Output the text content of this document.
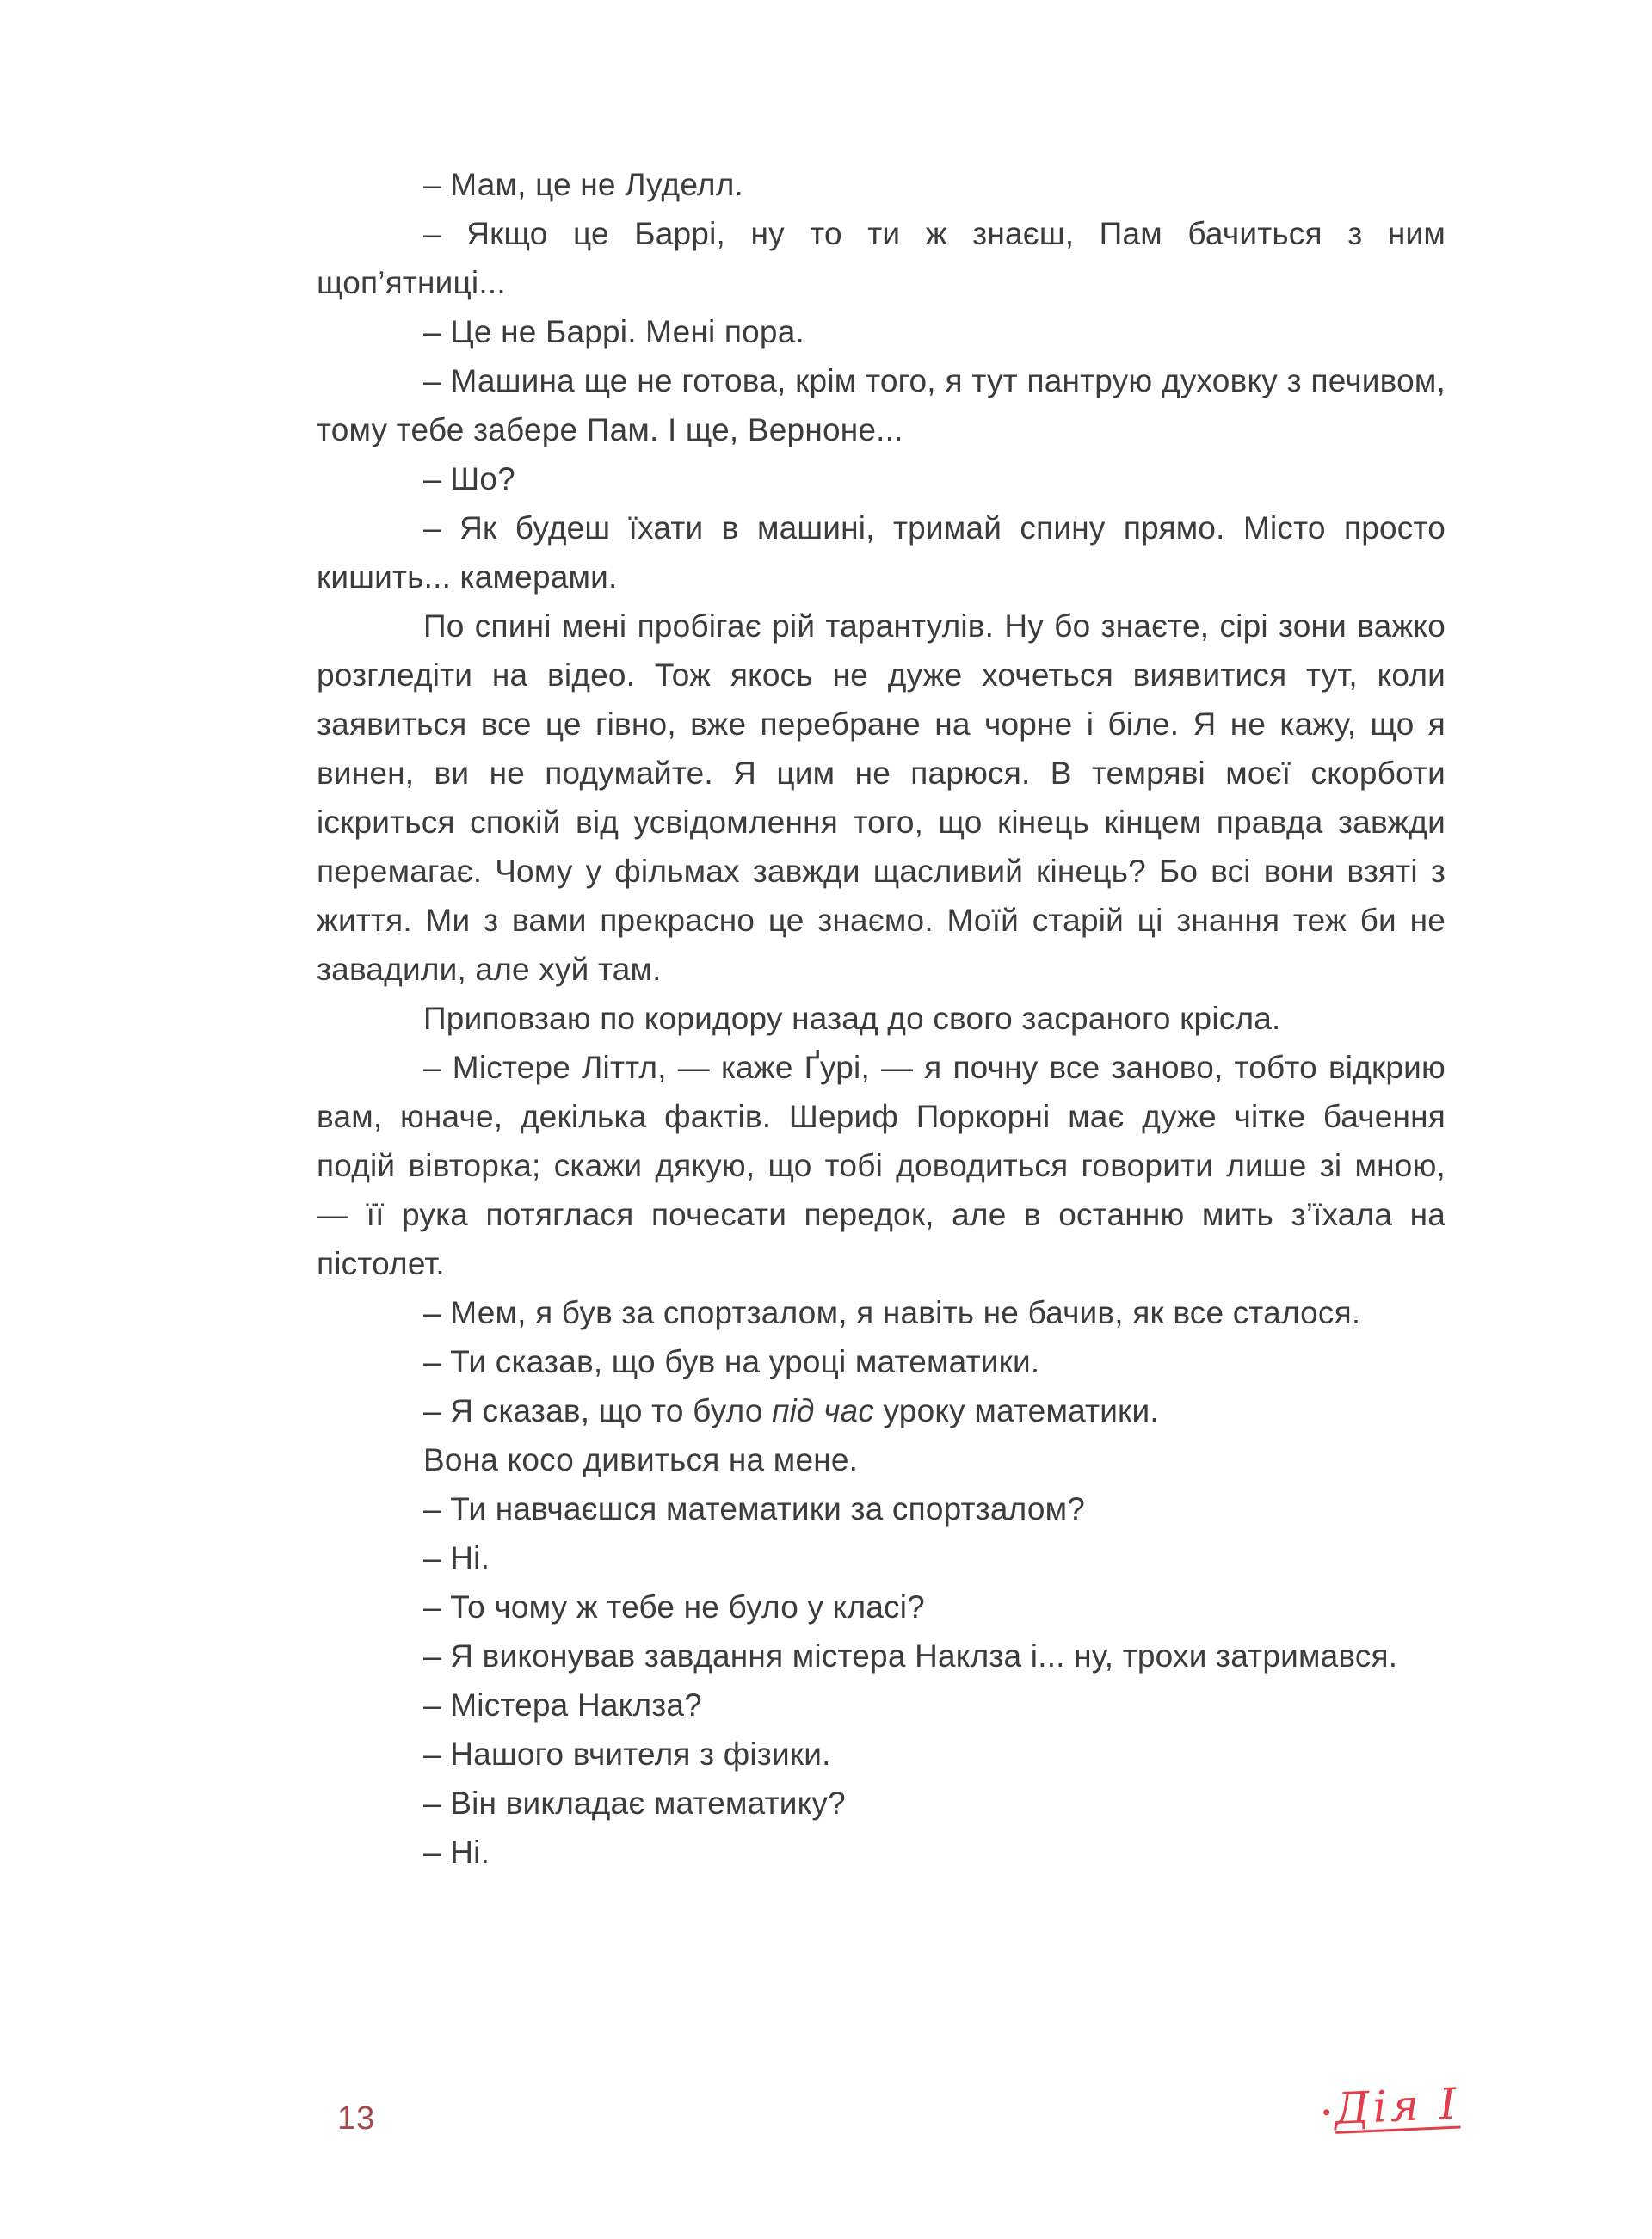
– Мам, це не Луделл.

– Якщо це Баррі, ну то ти ж знаєш, Пам бачиться з ним щоп’ятниці...

– Це не Баррі. Мені пора.

– Машина ще не готова, крім того, я тут пантрую духовку з печивом, тому тебе забере Пам. І ще, Верноне...

– Шо?

– Як будеш їхати в машині, тримай спину прямо. Місто просто кишить... камерами.

По спині мені пробігає рій тарантулів. Ну бо знаєте, сірі зони важко розгледіти на відео. Тож якось не дуже хочеться виявитися тут, коли заявиться все це гівно, вже перебране на чорне і біле. Я не кажу, що я винен, ви не подумайте. Я цим не парюся. В темряві моєї скорботи іскриться спокій від усвідомлення того, що кінець кінцем правда завжди перемагає. Чому у фільмах завжди щасливий кінець? Бо всі вони взяті з життя. Ми з вами прекрасно це знаємо. Моїй старій ці знання теж би не завадили, але хуй там.

Приповзаю по коридору назад до свого засраного крісла.

– Містере Літтл, — каже Ґурі, — я почну все заново, тобто відкрию вам, юначе, декілька фактів. Шериф Поркорні має дуже чітке бачення подій вівторка; скажи дякую, що тобі доводиться говорити лише зі мною, — її рука потяглася почесати передок, але в останню мить з’їхала на пістолет.

– Мем, я був за спортзалом, я навіть не бачив, як все сталося.

– Ти сказав, що був на уроці математики.

– Я сказав, що то було під час уроку математики.

Вона косо дивиться на мене.

– Ти навчаєшся математики за спортзалом?

– Ні.

– То чому ж тебе не було у класі?

– Я виконував завдання містера Наклза і... ну, трохи затримався.

– Містера Наклза?

– Нашого вчителя з фізики.

– Він викладає математику?

– Ні.

13	Дія I
